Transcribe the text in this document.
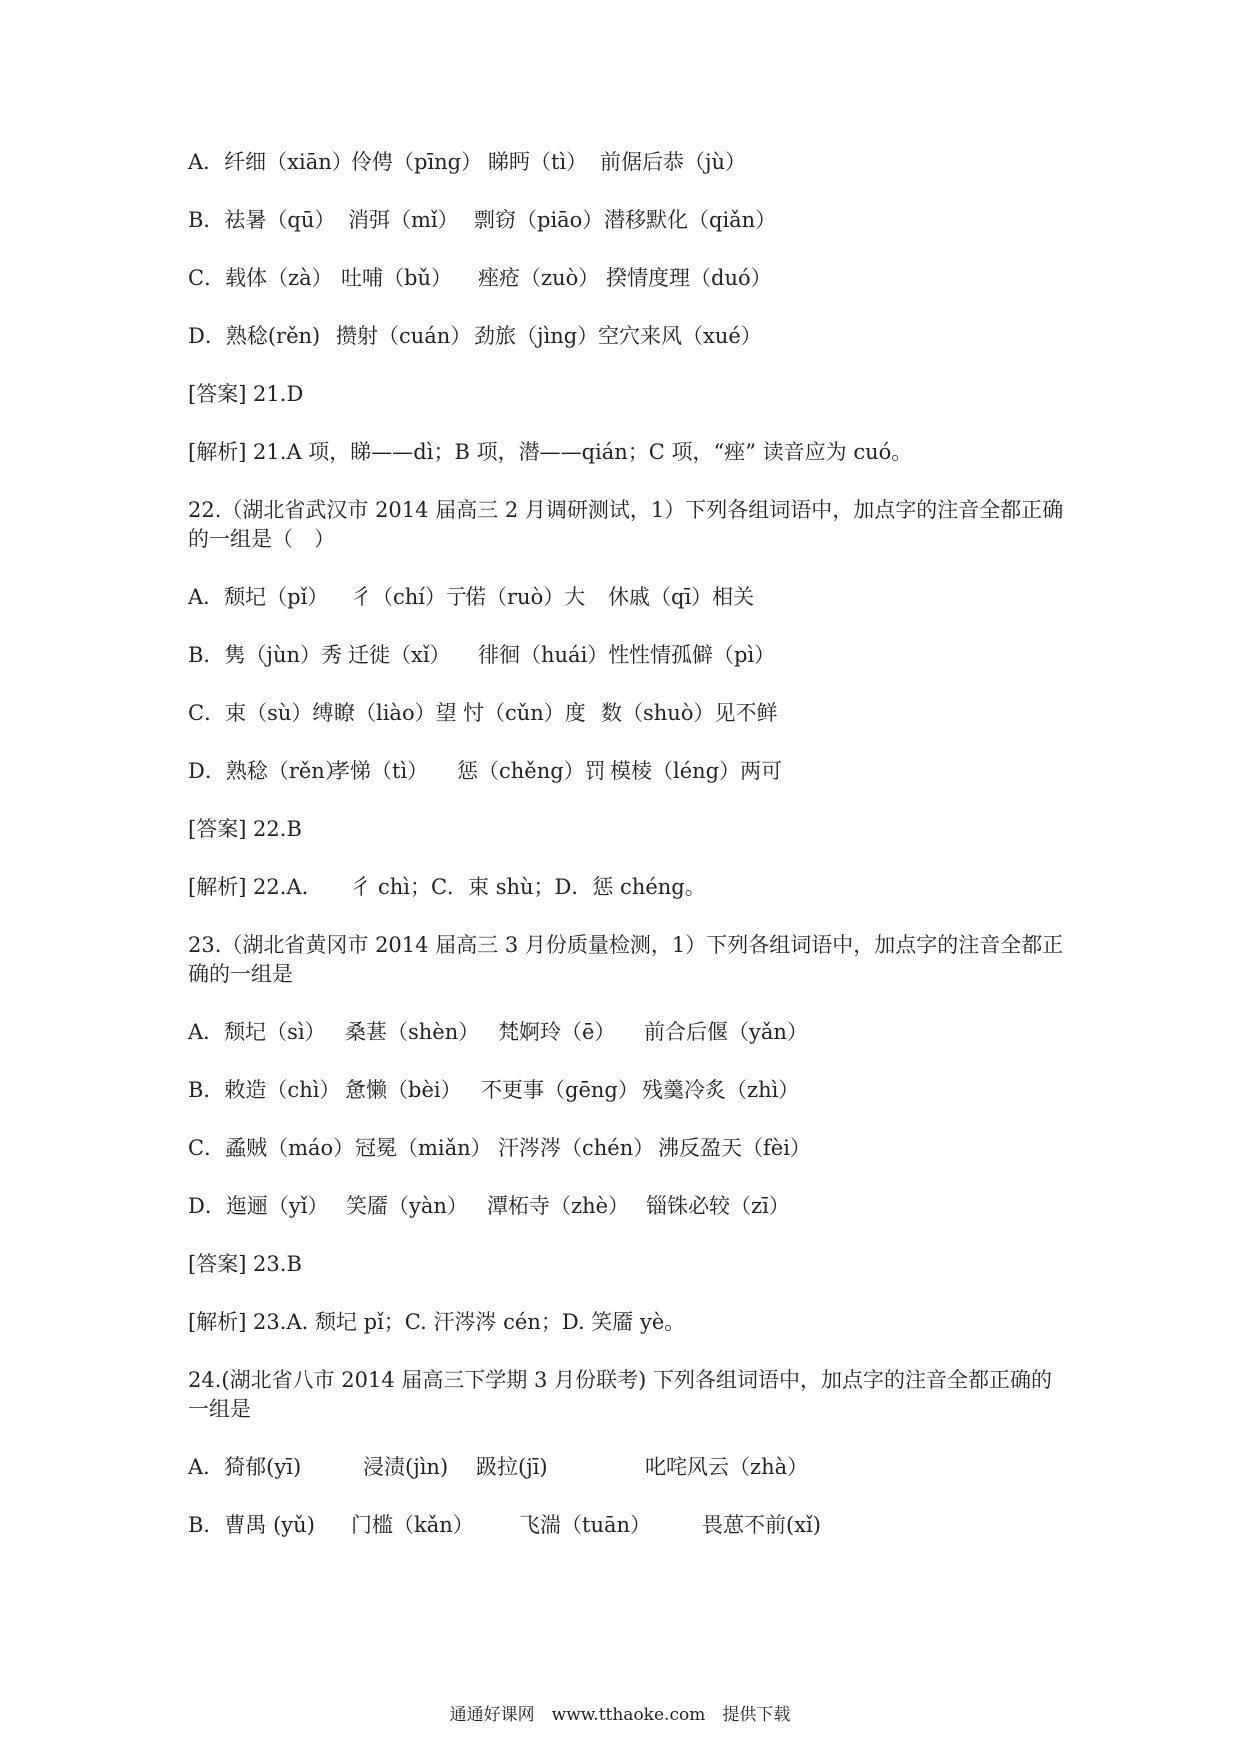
A．纤细（xiān）伶俜（pīng） 睇眄（tì） 前倨后恭（jù）
B．祛暑（qū） 消弭（mǐ） 剽窃（piāo）潜移默化（qiǎn）
C．载体（zà） 吐哺（bǔ） 痤疮（zuò） 揆情度理（duó）
D．熟稔(rěn) 攒射（cuán） 劲旅（jìng）空穴来风（xué）
[答案] 21.D
[解析] 21.A 项，睇——dì；B 项，潜——qián；C 项，“痤” 读音应为 cuó。
22.（湖北省武汉市 2014 届高三 2 月调研测试，1）下列各组词语中，加点字的注音全都正确的一组是（　）
A．颓圮（pǐ） 彳（chí）亍偌（ruò）大 休戚（qī）相关
B．隽（jùn）秀 迁徙（xǐ） 徘徊（huái）性性情孤僻（pì）
C．束（sù）缚瞭（liào）望 忖（cǔn）度 数（shuò）见不鲜
D．熟稔（rěn）孝悌（tì） 惩（chěng）罚 模棱（léng）两可
[答案] 22.B
[解析] 22.A.　　彳 chì；C．束 shù；D．惩 chéng。
23.（湖北省黄冈市 2014 届高三 3 月份质量检测，1）下列各组词语中，加点字的注音全都正确的一组是
A．颓圮（sì） 桑葚（shèn） 梵婀玲（ē） 前合后偃（yǎn）
B．敕造（chì） 惫懒（bèi） 不更事（gēng） 残羹冷炙（zhì）
C．蟊贼（máo）冠冕（miǎn） 汗涔涔（chén） 沸反盈天（fèi）
D．迤逦（yǐ） 笑靥（yàn） 潭柘寺（zhè） 锱铢必较（zī）
[答案] 23.B
[解析] 23.A. 颓圮 pǐ；C. 汗涔涔 cén；D. 笑靥 yè。
24.(湖北省八市 2014 届高三下学期 3 月份联考) 下列各组词语中，加点字的注音全都正确的一组是
A．猗郁(yī)	浸渍(jìn) 趿拉(jī)	叱咤风云（zhà）
B．曹禺 (yǔ) 门槛（kǎn） 飞湍（tuān） 畏葸不前(xǐ)
通通好课网　www.tthaoke.com　提供下载
